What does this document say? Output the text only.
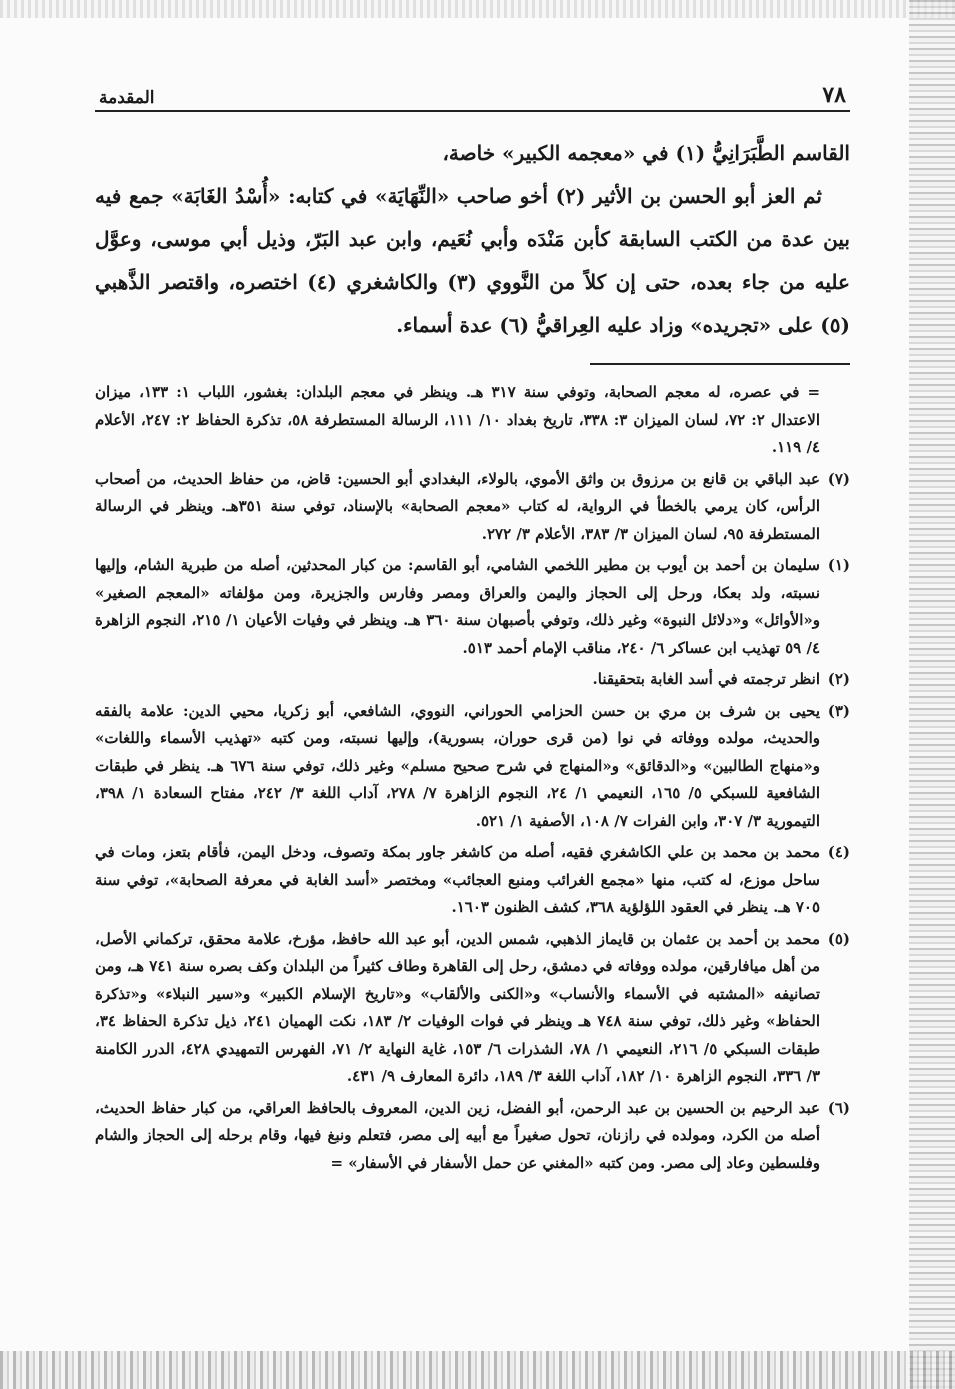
٧٨
المقدمة

القاسم الطَّبَرَانِيُّ (١) في «معجمه الكبير» خاصة،

ثم العز أبو الحسن بن الأثير (٢) أخو صاحب «النِّهَايَة» في كتابه: «أُسْدُ الغَابَة» جمع فيه بين عدة من الكتب السابقة كأبن مَنْدَه وأبي نُعَيم، وابن عبد البَرّ، وذيل أبي موسى، وعوَّل عليه من جاء بعده، حتى إن كلاً من النَّووي (٣) والكاشغري (٤) اختصره، واقتصر الذَّهبي (٥) على «تجريده» وزاد عليه العِراقيُّ (٦) عدة أسماء.

= في عصره، له معجم الصحابة، وتوفي سنة ٣١٧ هـ. وينظر في معجم البلدان: بغشور، اللباب ١: ١٣٣، ميزان الاعتدال ٢: ٧٢، لسان الميزان ٣: ٣٣٨، تاريخ بغداد ١٠/ ١١١، الرسالة المستطرفة ٥٨، تذكرة الحفاظ ٢: ٢٤٧، الأعلام ٤/ ١١٩.
(٧)
عبد الباقي بن قانع بن مرزوق بن واثق الأموي، بالولاء، البغدادي أبو الحسين: قاض، من حفاظ الحديث، من أصحاب الرأس، كان يرمي بالخطأ في الرواية، له كتاب «معجم الصحابة» بالإسناد، توفي سنة ٣٥١هـ. وينظر في الرسالة المستطرفة ٩٥، لسان الميزان ٣/ ٣٨٣، الأعلام ٣/ ٢٧٢.
(١)
سليمان بن أحمد بن أيوب بن مطير اللخمي الشامي، أبو القاسم: من كبار المحدثين، أصله من طبرية الشام، وإليها نسبته، ولد بعكا، ورحل إلى الحجاز واليمن والعراق ومصر وفارس والجزيرة، ومن مؤلفاته «المعجم الصغير» و«الأوائل» و«دلائل النبوة» وغير ذلك، وتوفي بأصبهان سنة ٣٦٠ هـ. وينظر في وفيات الأعيان ١/ ٢١٥، النجوم الزاهرة ٤/ ٥٩ تهذيب ابن عساكر ٦/ ٢٤٠، مناقب الإمام أحمد ٥١٣.
(٢)
انظر ترجمته في أسد الغابة بتحقيقنا.
(٣)
يحيى بن شرف بن مري بن حسن الحزامي الحوراني، النووي، الشافعي، أبو زكريا، محيي الدين: علامة بالفقه والحديث، مولده ووفاته في نوا (من قرى حوران، بسورية)، وإليها نسبته، ومن كتبه «تهذيب الأسماء واللغات» و«منهاج الطالبين» و«الدقائق» و«المنهاج في شرح صحيح مسلم» وغير ذلك، توفي سنة ٦٧٦ هـ. ينظر في طبقات الشافعية للسبكي ٥/ ١٦٥، النعيمي ١/ ٢٤، النجوم الزاهرة ٧/ ٢٧٨، آداب اللغة ٣/ ٢٤٢، مفتاح السعادة ١/ ٣٩٨، التيمورية ٣/ ٣٠٧، وابن الفرات ٧/ ١٠٨، الأصفية ١/ ٥٢١.
(٤)
محمد بن محمد بن علي الكاشغري فقيه، أصله من كاشغر جاور بمكة وتصوف، ودخل اليمن، فأقام بتعز، ومات في ساحل موزع، له كتب، منها «مجمع الغرائب ومنبع العجائب» ومختصر «أسد الغابة في معرفة الصحابة»، توفي سنة ٧٠٥ هـ. ينظر في العقود اللؤلؤية ٣٦٨، كشف الظنون ١٦٠٣.
(٥)
محمد بن أحمد بن عثمان بن قايماز الذهبي، شمس الدين، أبو عبد الله حافظ، مؤرخ، علامة محقق، تركماني الأصل، من أهل ميافارقين، مولده ووفاته في دمشق، رحل إلى القاهرة وطاف كثيراً من البلدان وكف بصره سنة ٧٤١ هـ، ومن تصانيفه «المشتبه في الأسماء والأنساب» و«الكنى والألقاب» و«تاريخ الإسلام الكبير» و«سير النبلاء» و«تذكرة الحفاظ» وغير ذلك، توفي سنة ٧٤٨ هـ وينظر في فوات الوفيات ٢/ ١٨٣، نكت الهميان ٢٤١، ذيل تذكرة الحفاظ ٣٤، طبقات السبكي ٥/ ٢١٦، النعيمي ١/ ٧٨، الشذرات ٦/ ١٥٣، غاية النهاية ٢/ ٧١، الفهرس التمهيدي ٤٢٨، الدرر الكامنة ٣/ ٣٣٦، النجوم الزاهرة ١٠/ ١٨٢، آداب اللغة ٣/ ١٨٩، دائرة المعارف ٩/ ٤٣١.
(٦)
عبد الرحيم بن الحسين بن عبد الرحمن، أبو الفضل، زين الدين، المعروف بالحافظ العراقي، من كبار حفاظ الحديث، أصله من الكرد، ومولده في رازنان، تحول صغيراً مع أبيه إلى مصر، فتعلم ونبغ فيها، وقام برحله إلى الحجاز والشام وفلسطين وعاد إلى مصر. ومن كتبه «المغني عن حمل الأسفار في الأسفار» =
